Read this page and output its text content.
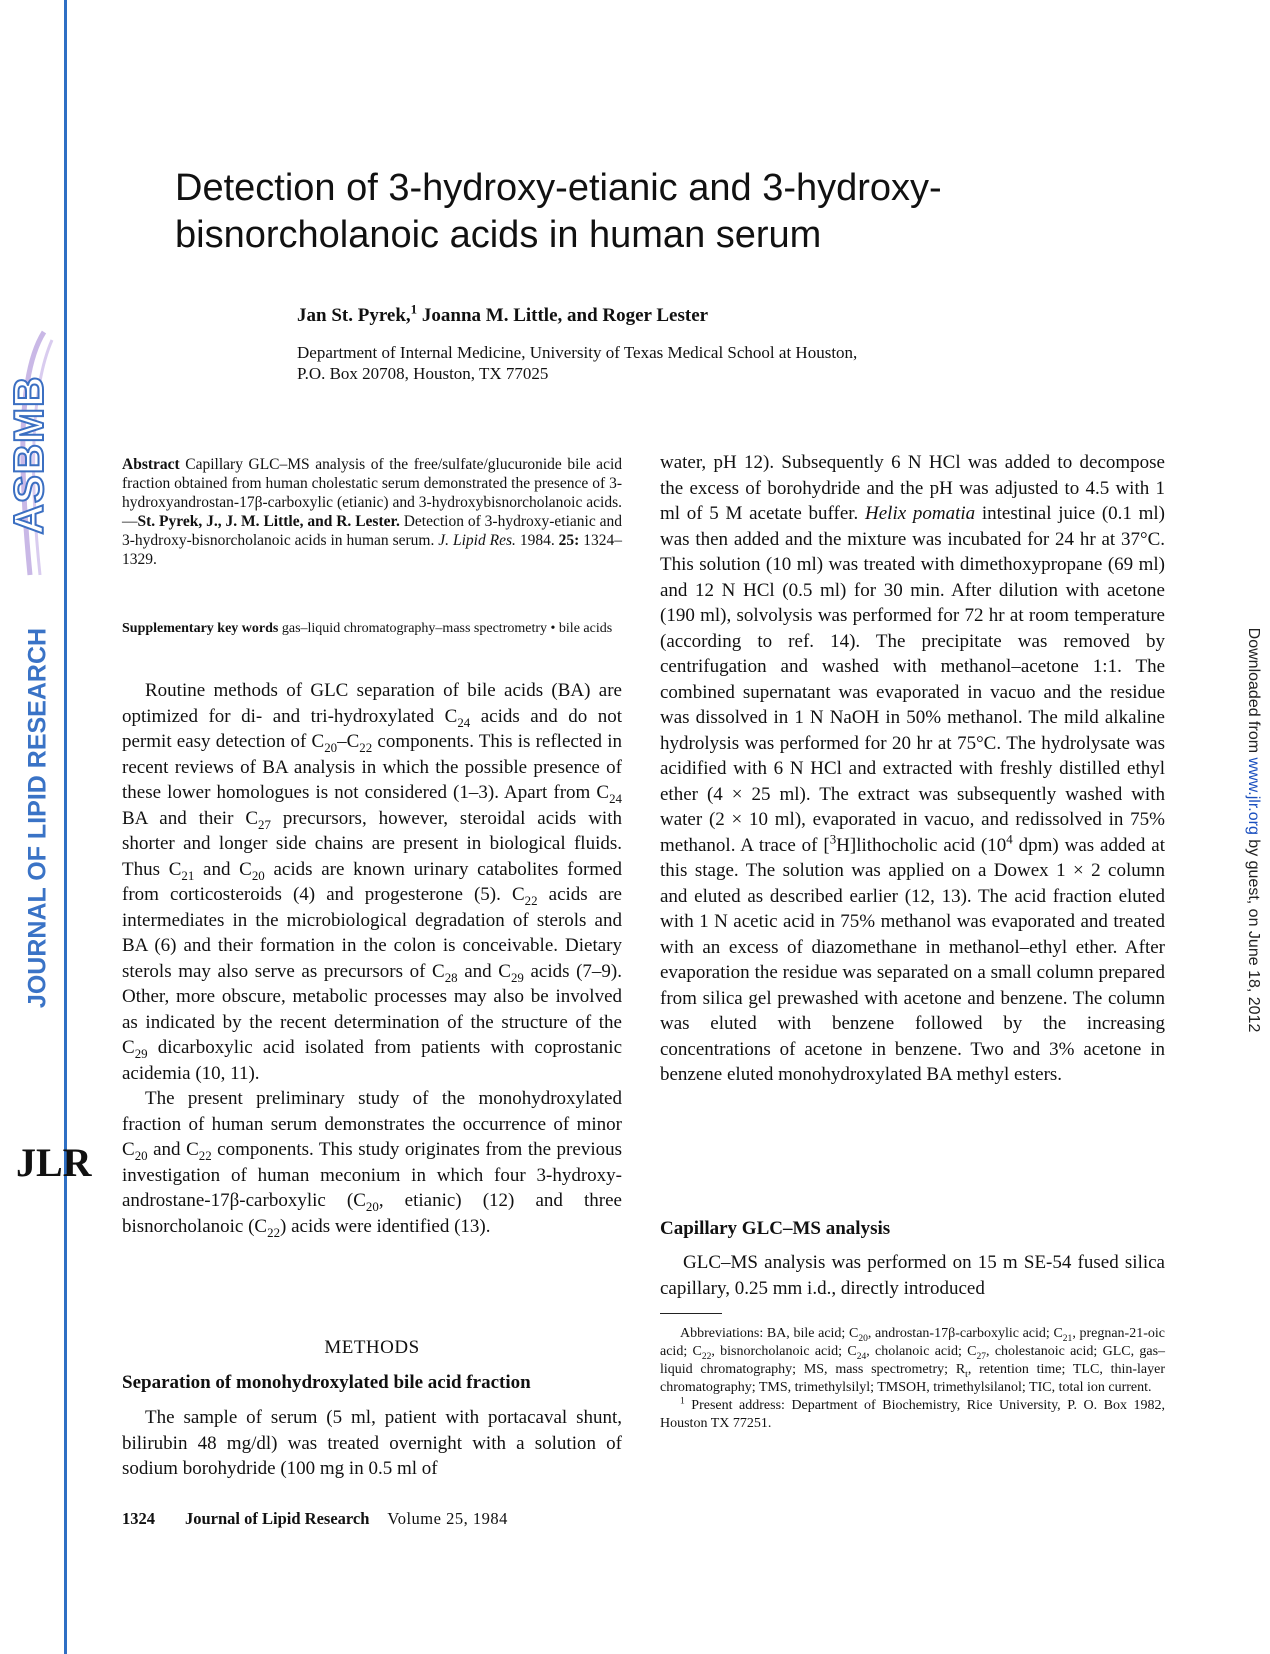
ASBMB
JOURNAL OF LIPID RESEARCH
JLR
Downloaded from www.jlr.org by guest, on June 18, 2012
Detection of 3-hydroxy-etianic and 3-hydroxy-bisnorcholanoic acids in human serum
Jan St. Pyrek,$^1$ Joanna M. Little, and Roger Lester
Department of Internal Medicine, University of Texas Medical School at Houston,
P.O. Box 20708, Houston, TX 77025
Abstract Capillary GLC–MS analysis of the free/sulfate/glucuronide bile acid fraction obtained from human cholestatic serum demonstrated the presence of 3-hydroxyandrostan-17β-carboxylic (etianic) and 3-hydroxybisnorcholanoic acids.—St. Pyrek, J., J. M. Little, and R. Lester. Detection of 3-hydroxy-etianic and 3-hydroxy-bisnorcholanoic acids in human serum. J. Lipid Res. 1984. 25: 1324–1329.
Supplementary key words gas–liquid chromatography–mass spectrometry • bile acids

Routine methods of GLC separation of bile acids (BA) are optimized for di- and tri-hydroxylated $C_{24}$ acids and do not permit easy detection of $C_{20}-C_{22}$ components. This is reflected in recent reviews of BA analysis in which the possible presence of these lower homologues is not considered (1–3). Apart from $C_{24}$ BA and their $C_{27}$ precursors, however, steroidal acids with shorter and longer side chains are present in biological fluids. Thus $C_{21}$ and $C_{20}$ acids are known urinary catabolites formed from corticosteroids (4) and progesterone (5). $C_{22}$ acids are intermediates in the microbiological degradation of sterols and BA (6) and their formation in the colon is conceivable. Dietary sterols may also serve as precursors of $C_{28}$ and $C_{29}$ acids (7–9). Other, more obscure, metabolic processes may also be involved as indicated by the recent determination of the structure of the $C_{29}$ dicarboxylic acid isolated from patients with coprostanic acidemia (10, 11).

The present preliminary study of the monohydroxylated fraction of human serum demonstrates the occurrence of minor $C_{20}$ and $C_{22}$ components. This study originates from the previous investigation of human meconium in which four 3-hydroxy-androstane-17β-carboxylic ($C_{20}$, etianic) (12) and three bisnorcholanoic $(C_{22})$ acids were identified (13).

METHODS
Separation of monohydroxylated bile acid fraction

The sample of serum (5 ml, patient with portacaval shunt, bilirubin 48 mg/dl) was treated overnight with a solution of sodium borohydride (100 mg in 0.5 ml of

water, pH 12). Subsequently 6 N HCl was added to decompose the excess of borohydride and the pH was adjusted to 4.5 with 1 ml of 5 M acetate buffer. Helix pomatia intestinal juice (0.1 ml) was then added and the mixture was incubated for 24 hr at 37°C. This solution (10 ml) was treated with dimethoxypropane (69 ml) and 12 N HCl (0.5 ml) for 30 min. After dilution with acetone (190 ml), solvolysis was performed for 72 hr at room temperature (according to ref. 14). The precipitate was removed by centrifugation and washed with methanol–acetone 1:1. The combined supernatant was evaporated in vacuo and the residue was dissolved in 1 N NaOH in 50% methanol. The mild alkaline hydrolysis was performed for 20 hr at 75°C. The hydrolysate was acidified with 6 N HCl and extracted with freshly distilled ethyl ether (4 × 25 ml). The extract was subsequently washed with water (2 × 10 ml), evaporated in vacuo, and redissolved in 75% methanol. A trace of [$^3$H]lithocholic acid ($10^4$ dpm) was added at this stage. The solution was applied on a Dowex 1 × 2 column and eluted as described earlier (12, 13). The acid fraction eluted with 1 N acetic acid in 75% methanol was evaporated and treated with an excess of diazomethane in methanol–ethyl ether. After evaporation the residue was separated on a small column prepared from silica gel prewashed with acetone and benzene. The column was eluted with benzene followed by the increasing concentrations of acetone in benzene. Two and 3% acetone in benzene eluted monohydroxylated BA methyl esters.

Capillary GLC–MS analysis

GLC–MS analysis was performed on 15 m SE-54 fused silica capillary, 0.25 mm i.d., directly introduced

Abbreviations: BA, bile acid; $C_{20}$, androstan-17β-carboxylic acid; $C_{21}$, pregnan-21-oic acid; $C_{22}$, bisnorcholanoic acid; $C_{24}$, cholanoic acid; $C_{27}$, cholestanoic acid; GLC, gas–liquid chromatography; MS, mass spectrometry; $R_t$, retention time; TLC, thin-layer chromatography; TMS, trimethylsilyl; TMSOH, trimethylsilanol; TIC, total ion current.

$^1$ Present address: Department of Biochemistry, Rice University, P. O. Box 1982, Houston TX 77251.

1324 Journal of Lipid Research Volume 25, 1984
